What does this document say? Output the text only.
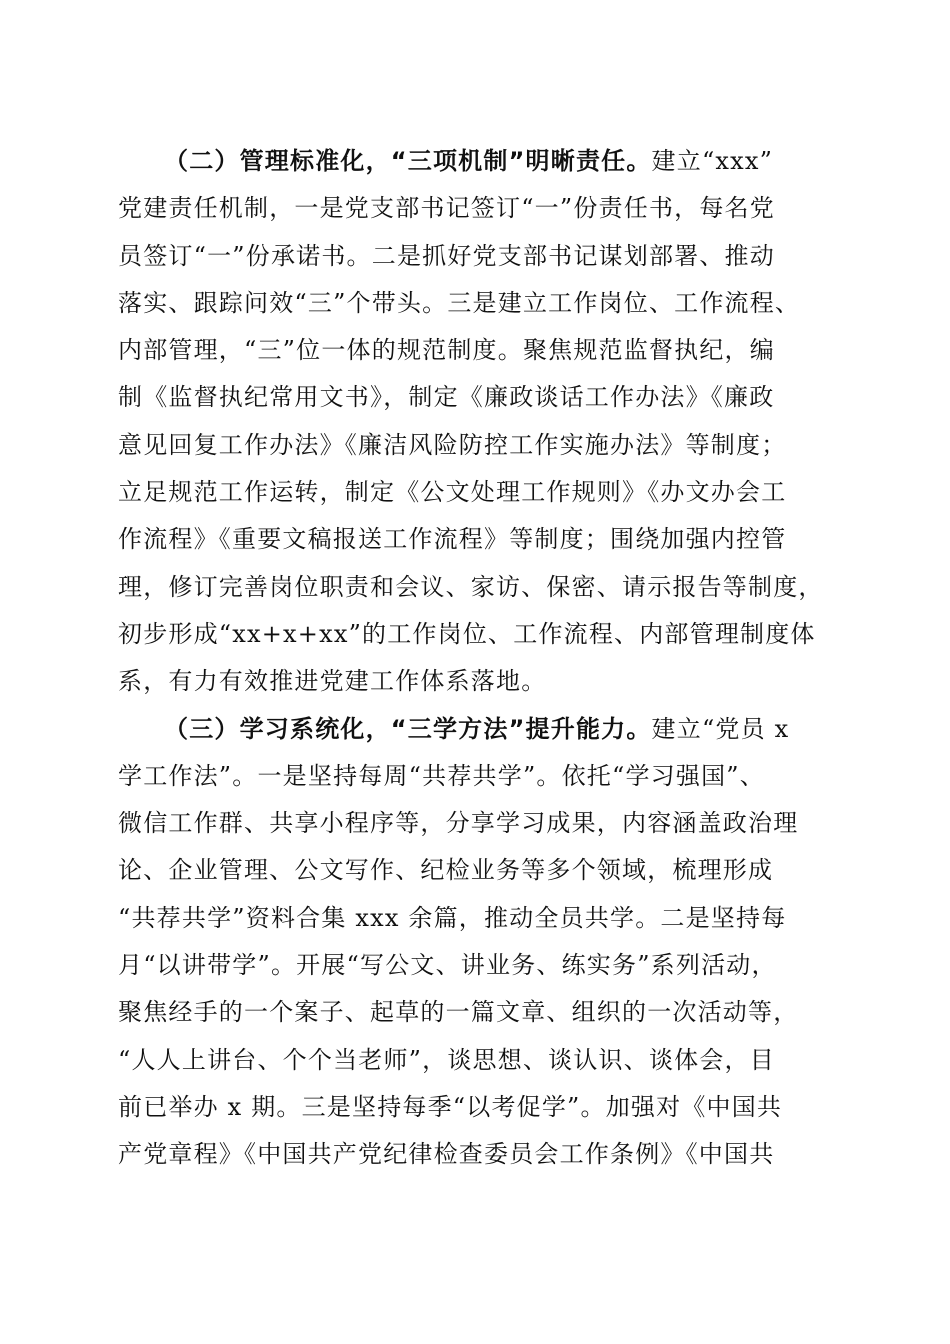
（二）管理标准化，“三项机制”明晰责任。建立“xxx”
党建责任机制，一是党支部书记签订“一”份责任书，每名党
员签订“一”份承诺书。二是抓好党支部书记谋划部署、推动
落实、跟踪问效“三”个带头。三是建立工作岗位、工作流程、
内部管理，“三”位一体的规范制度。聚焦规范监督执纪，编
制《监督执纪常用文书》，制定《廉政谈话工作办法》《廉政
意见回复工作办法》《廉洁风险防控工作实施办法》等制度；
立足规范工作运转，制定《公文处理工作规则》《办文办会工
作流程》《重要文稿报送工作流程》等制度；围绕加强内控管
理，修订完善岗位职责和会议、家访、保密、请示报告等制度，
初步形成“xx+x+xx”的工作岗位、工作流程、内部管理制度体
系，有力有效推进党建工作体系落地。
（三）学习系统化，“三学方法”提升能力。建立“党员 x
学工作法”。一是坚持每周“共荐共学”。依托“学习强国”、
微信工作群、共享小程序等，分享学习成果，内容涵盖政治理
论、企业管理、公文写作、纪检业务等多个领域，梳理形成
“共荐共学”资料合集 xxx 余篇，推动全员共学。二是坚持每
月“以讲带学”。开展“写公文、讲业务、练实务”系列活动，
聚焦经手的一个案子、起草的一篇文章、组织的一次活动等，
“人人上讲台、个个当老师”，谈思想、谈认识、谈体会，目
前已举办 x 期。三是坚持每季“以考促学”。加强对《中国共
产党章程》《中国共产党纪律检查委员会工作条例》《中国共
